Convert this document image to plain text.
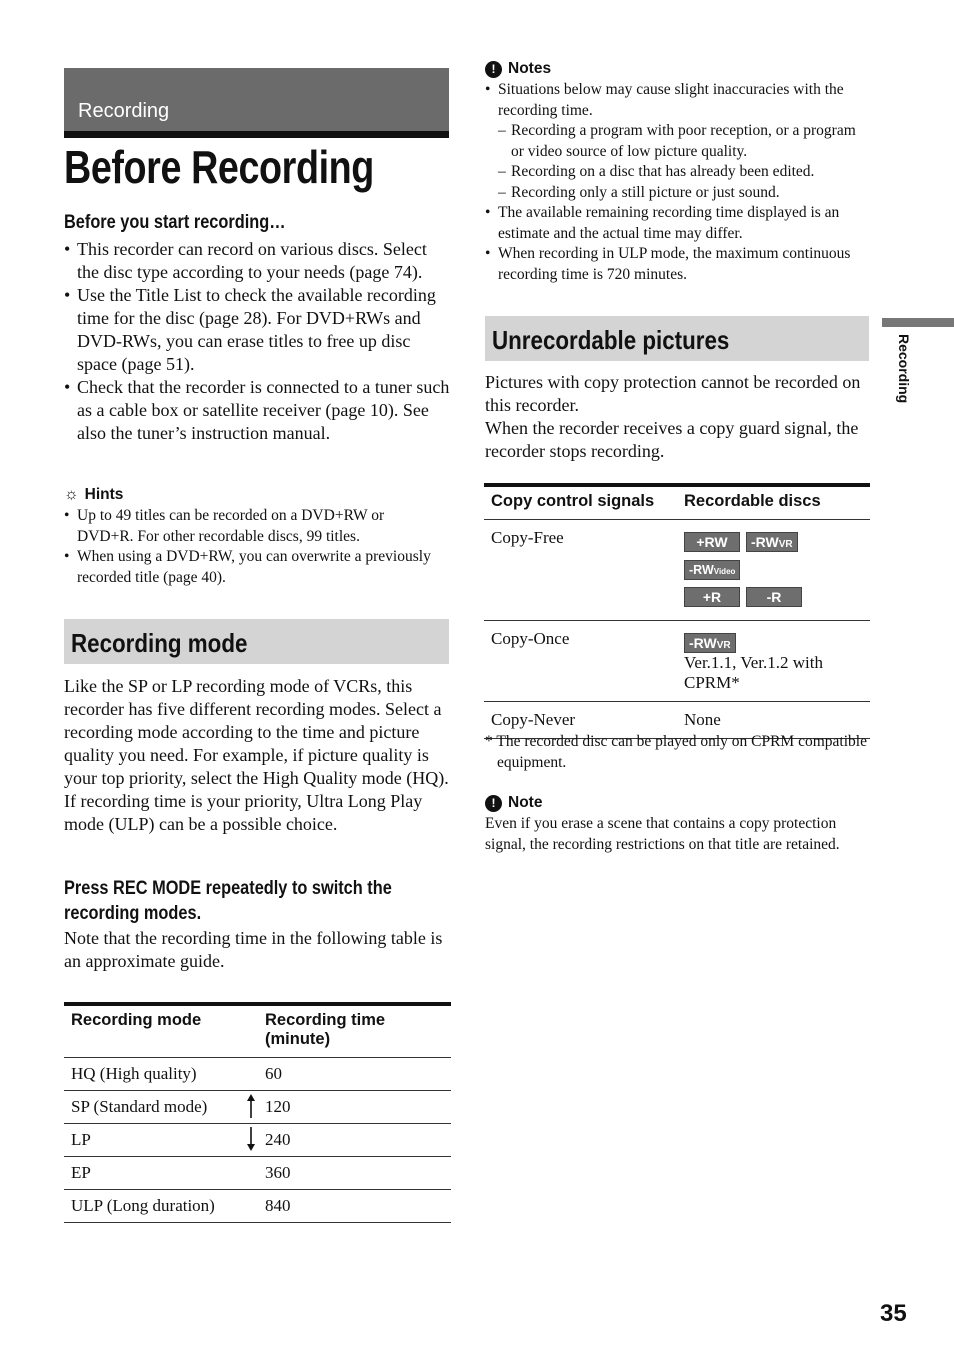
Recording
Before Recording
Before you start recording…
• This recorder can record on various discs. Select the disc type according to your needs (page 74).
• Use the Title List to check the available recording time for the disc (page 28). For DVD+RWs and DVD-RWs, you can erase titles to free up disc space (page 51).
• Check that the recorder is connected to a tuner such as a cable box or satellite receiver (page 10). See also the tuner’s instruction manual.
☼ Hints
• Up to 49 titles can be recorded on a DVD+RW or DVD+R. For other recordable discs, 99 titles.
• When using a DVD+RW, you can overwrite a previously recorded title (page 40).
Recording mode
Like the SP or LP recording mode of VCRs, this recorder has five different recording modes. Select a recording mode according to the time and picture quality you need. For example, if picture quality is your top priority, select the High Quality mode (HQ). If recording time is your priority, Ultra Long Play mode (ULP) can be a possible choice.
Press REC MODE repeatedly to switch the recording modes.
Note that the recording time in the following table is an approximate guide.
Recording mode	Recording time (minute)
HQ (High quality)	60
SP (Standard mode)	120
LP	240
EP	360
ULP (Long duration)	840
! Notes
• Situations below may cause slight inaccuracies with the recording time.
– Recording a program with poor reception, or a program or video source of low picture quality.
– Recording on a disc that has already been edited.
– Recording only a still picture or just sound.
• The available remaining recording time displayed is an estimate and the actual time may differ.
• When recording in ULP mode, the maximum continuous recording time is 720 minutes.
Unrecordable pictures
Pictures with copy protection cannot be recorded on this recorder.
When the recorder receives a copy guard signal, the recorder stops recording.
Copy control signals	Recordable discs
Copy-Free	+RW -RWVR-RWVideo
+R -R
Copy-Once	-RWVR
Ver.1.1, Ver.1.2 with CPRM*

Copy-Never	None
* The recorded disc can be played only on CPRM compatible equipment.
! Note
Even if you erase a scene that contains a copy protection signal, the recording restrictions on that title are retained.
Recording
35
